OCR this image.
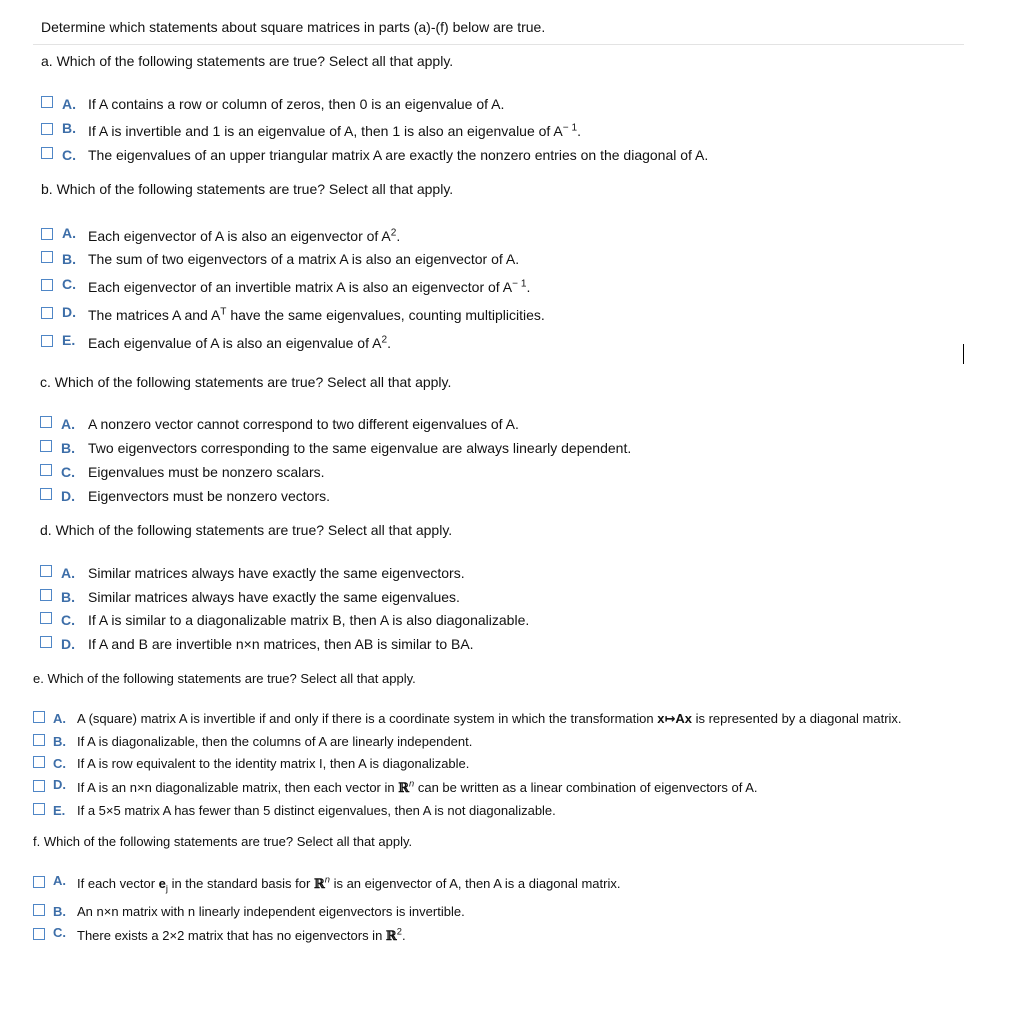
Determine which statements about square matrices in parts (a)-(f) below are true.
a. Which of the following statements are true? Select all that apply.
A. If A contains a row or column of zeros, then 0 is an eigenvalue of A.
B. If A is invertible and 1 is an eigenvalue of A, then 1 is also an eigenvalue of $A^{- 1}$.
C. The eigenvalues of an upper triangular matrix A are exactly the nonzero entries on the diagonal of A.
b. Which of the following statements are true? Select all that apply.
A. Each eigenvector of A is also an eigenvector of $A^2$.
B. The sum of two eigenvectors of a matrix A is also an eigenvector of A.
C. Each eigenvector of an invertible matrix A is also an eigenvector of $A^{- 1}$.
D. The matrices A and $A^T$ have the same eigenvalues, counting multiplicities.
E. Each eigenvalue of A is also an eigenvalue of $A^2$.
c. Which of the following statements are true? Select all that apply.
A. A nonzero vector cannot correspond to two different eigenvalues of A.
B. Two eigenvectors corresponding to the same eigenvalue are always linearly dependent.
C. Eigenvalues must be nonzero scalars.
D. Eigenvectors must be nonzero vectors.
d. Which of the following statements are true? Select all that apply.
A. Similar matrices always have exactly the same eigenvectors.
B. Similar matrices always have exactly the same eigenvalues.
C. If A is similar to a diagonalizable matrix B, then A is also diagonalizable.
D. If A and B are invertible n×n matrices, then AB is similar to BA.
e. Which of the following statements are true? Select all that apply.
A. A (square) matrix A is invertible if and only if there is a coordinate system in which the transformation x↦Ax is represented by a diagonal matrix.
B. If A is diagonalizable, then the columns of A are linearly independent.
C. If A is row equivalent to the identity matrix I, then A is diagonalizable.
D. If A is an n×n diagonalizable matrix, then each vector in ℝ$^n$ can be written as a linear combination of eigenvectors of A.
E. If a 5×5 matrix A has fewer than 5 distinct eigenvalues, then A is not diagonalizable.
f. Which of the following statements are true? Select all that apply.
A. If each vector $e_j$ in the standard basis for ℝ$^n$ is an eigenvector of A, then A is a diagonal matrix.
B. An n×n matrix with n linearly independent eigenvectors is invertible.
C. There exists a 2×2 matrix that has no eigenvectors in ℝ$^2$.
